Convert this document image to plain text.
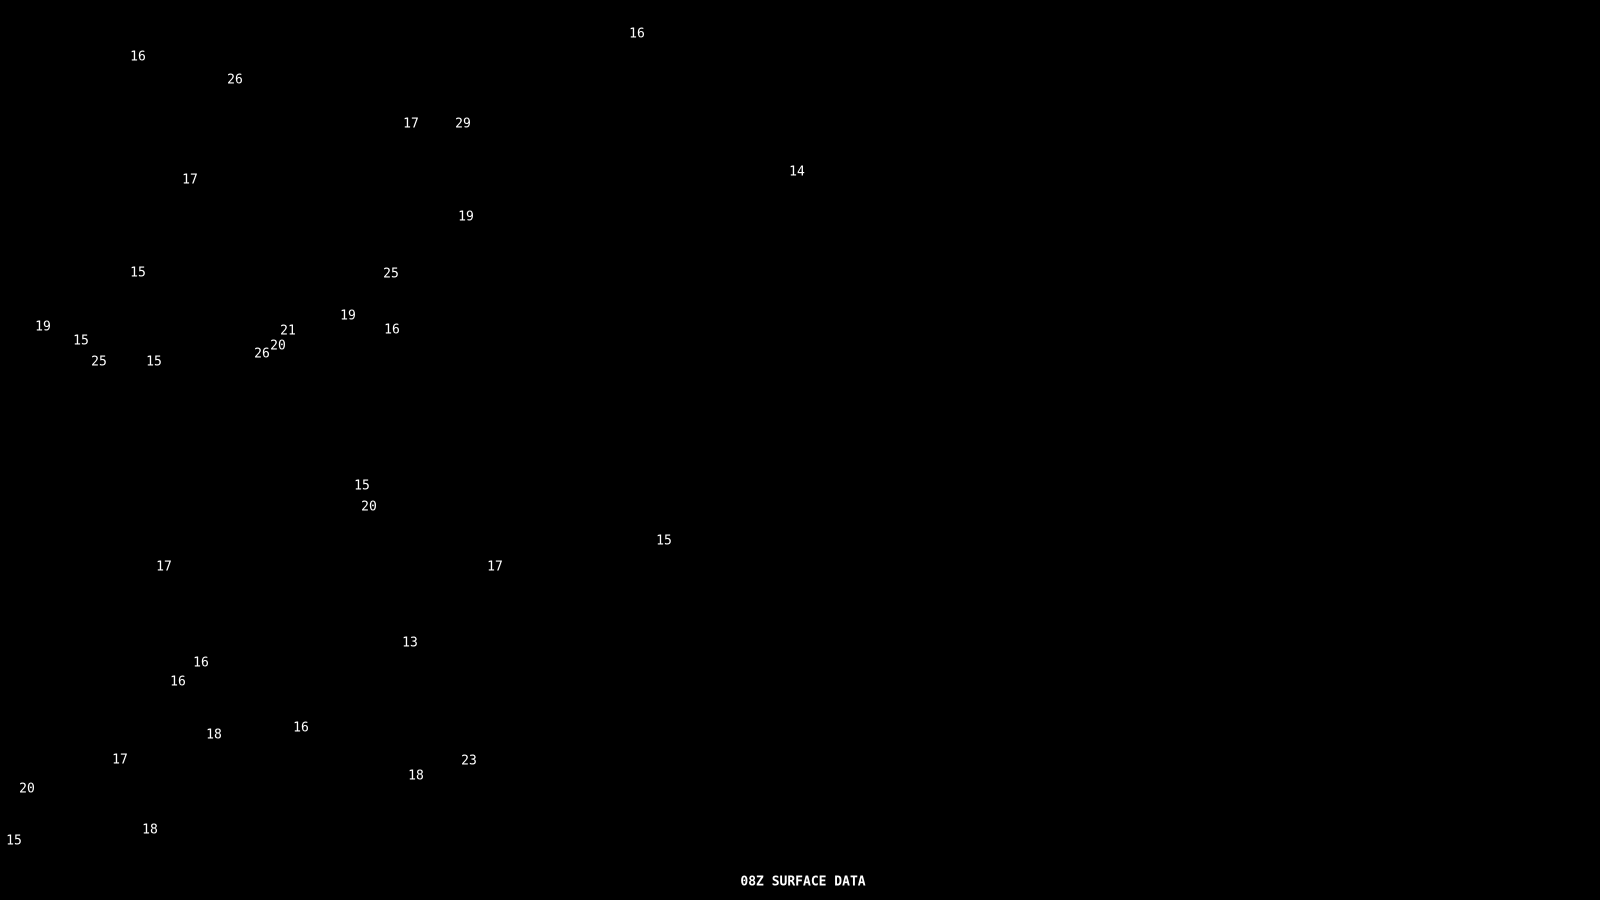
16
26
16
17	29
14
17
19
15	25
19
19	16
21
15	20
26
25	15
15
20
15
17	17
13
16
16
16
18
17	23
18
20
18
15
08Z SURFACE DATA
